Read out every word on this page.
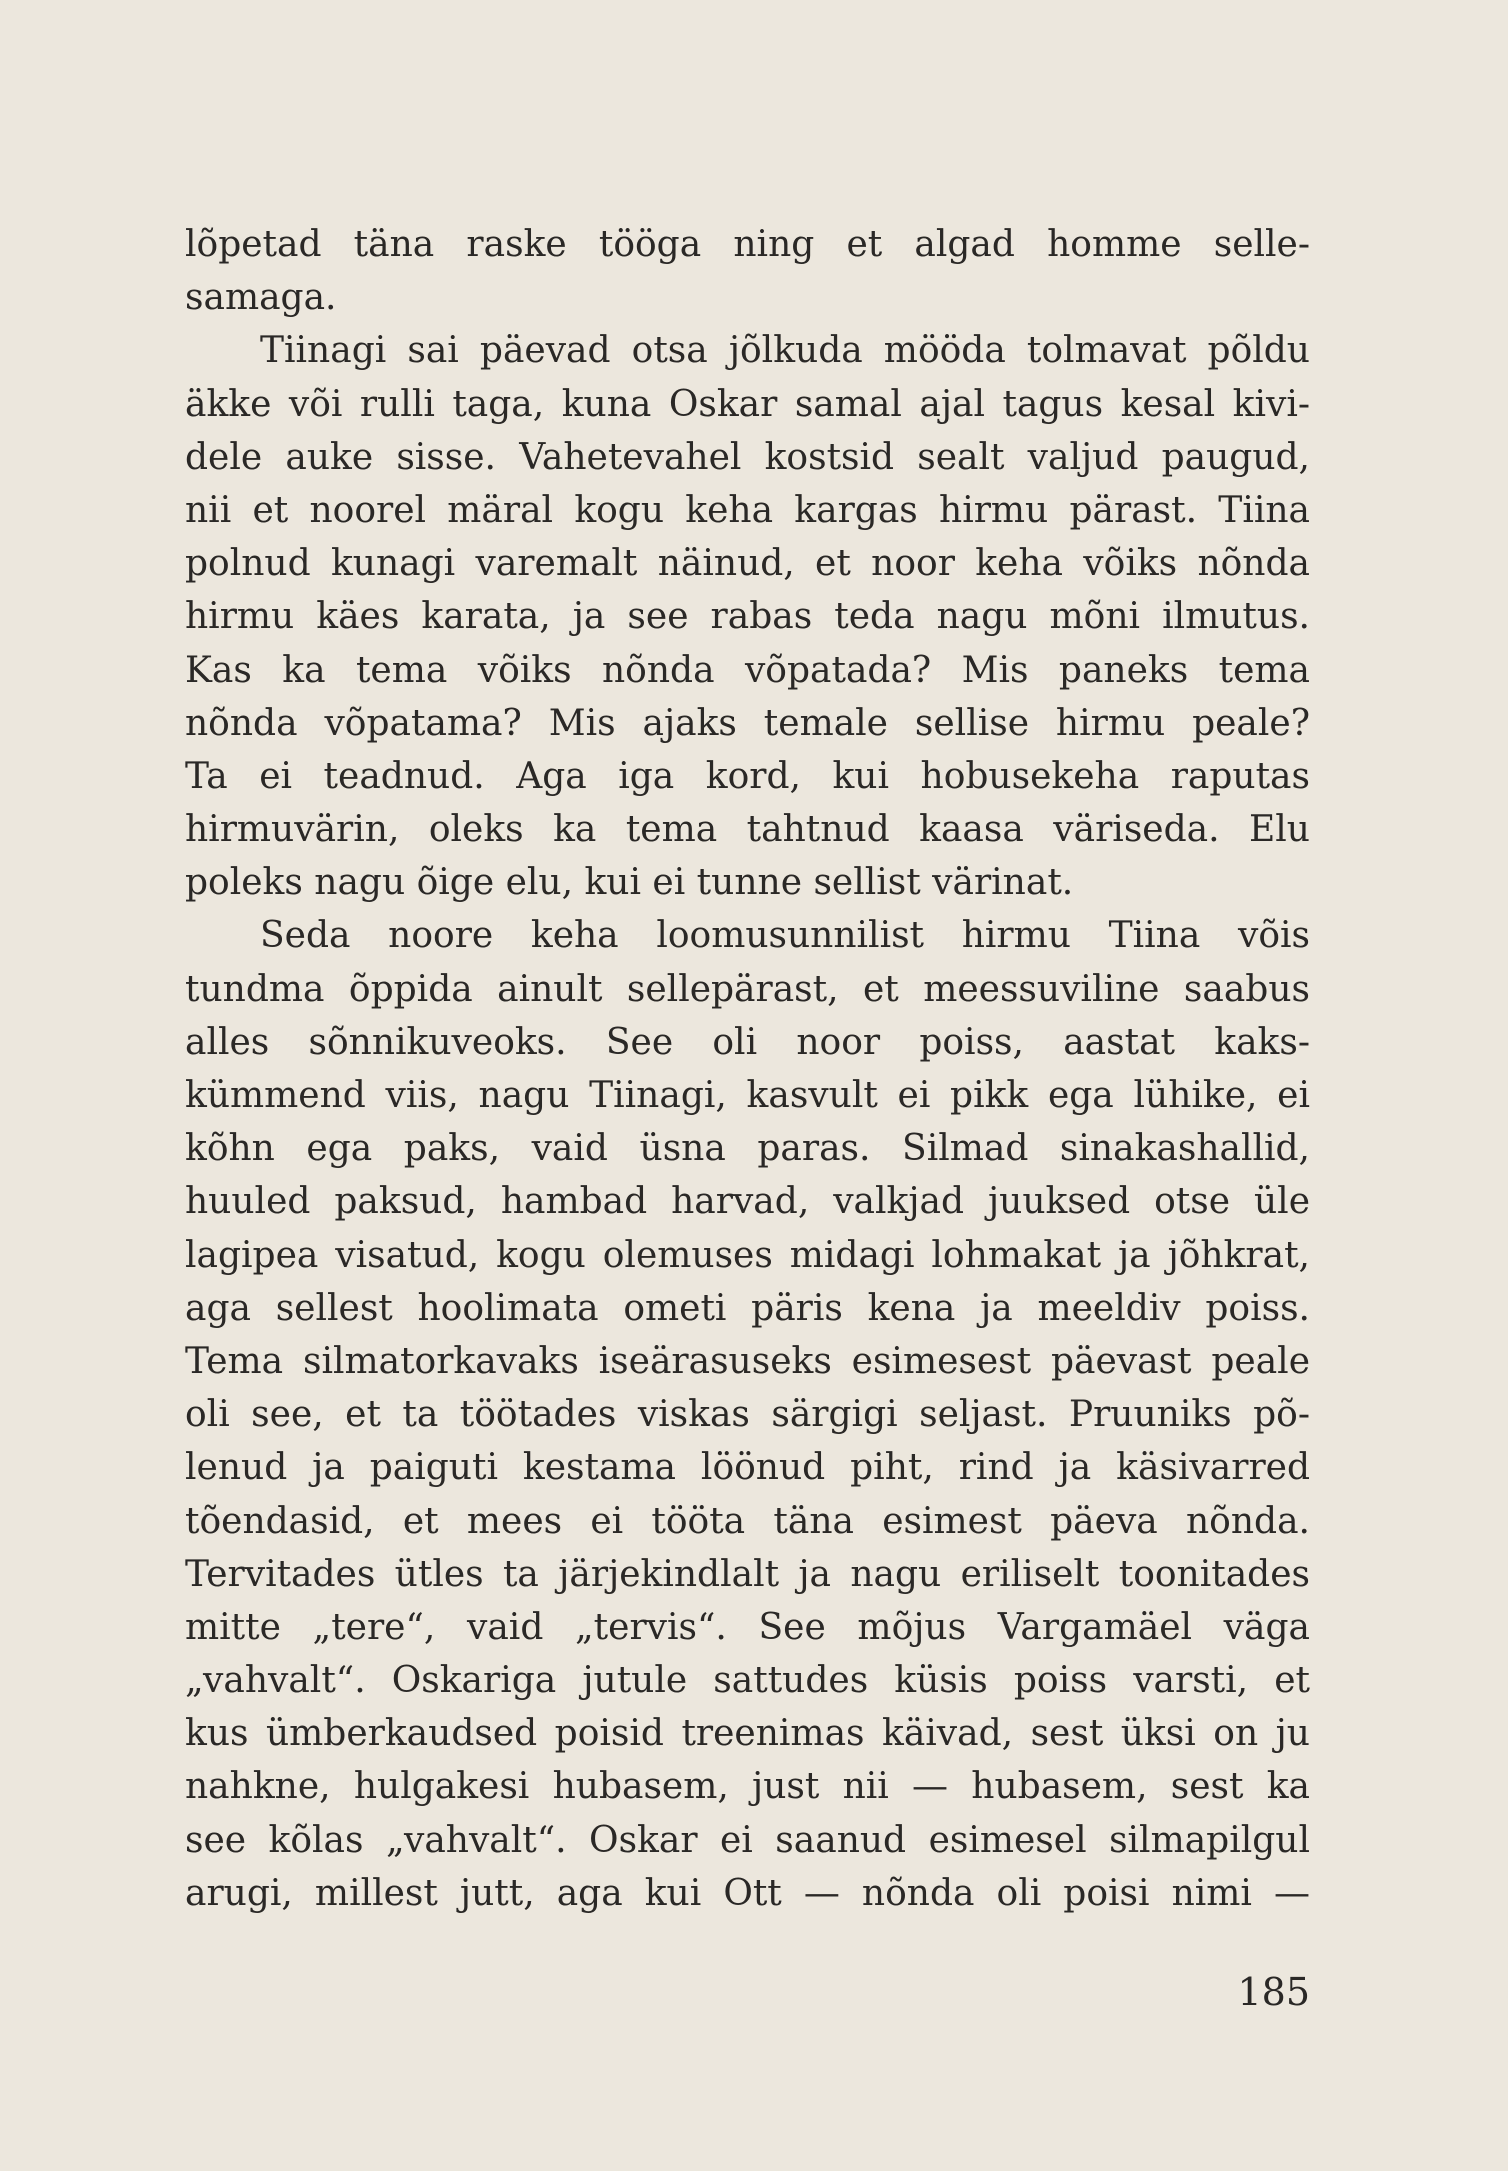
lõpetad täna raske tööga ning et algad homme selle-
samaga.
Tiinagi sai päevad otsa jõlkuda mööda tolmavat põldu
äkke või rulli taga, kuna Oskar samal ajal tagus kesal kivi-
dele auke sisse. Vahetevahel kostsid sealt valjud paugud,
nii et noorel märal kogu keha kargas hirmu pärast. Tiina
polnud kunagi varemalt näinud, et noor keha võiks nõnda
hirmu käes karata, ja see rabas teda nagu mõni ilmutus.
Kas ka tema võiks nõnda võpatada? Mis paneks tema
nõnda võpatama? Mis ajaks temale sellise hirmu peale?
Ta ei teadnud. Aga iga kord, kui hobusekeha raputas
hirmuvärin, oleks ka tema tahtnud kaasa väriseda. Elu
poleks nagu õige elu, kui ei tunne sellist värinat.
Seda noore keha loomusunnilist hirmu Tiina võis
tundma õppida ainult sellepärast, et meessuviline saabus
alles sõnnikuveoks. See oli noor poiss, aastat kaks-
kümmend viis, nagu Tiinagi, kasvult ei pikk ega lühike, ei
kõhn ega paks, vaid üsna paras. Silmad sinakashallid,
huuled paksud, hambad harvad, valkjad juuksed otse üle
lagipea visatud, kogu olemuses midagi lohmakat ja jõhkrat,
aga sellest hoolimata ometi päris kena ja meeldiv poiss.
Tema silmatorkavaks iseärasuseks esimesest päevast peale
oli see, et ta töötades viskas särgigi seljast. Pruuniks põ-
lenud ja paiguti kestama löönud piht, rind ja käsivarred
tõendasid, et mees ei tööta täna esimest päeva nõnda.
Tervitades ütles ta järjekindlalt ja nagu eriliselt toonitades
mitte „tere“, vaid „tervis“. See mõjus Vargamäel väga
„vahvalt“. Oskariga jutule sattudes küsis poiss varsti, et
kus ümberkaudsed poisid treenimas käivad, sest üksi on ju
nahkne, hulgakesi hubasem, just nii — hubasem, sest ka
see kõlas „vahvalt“. Oskar ei saanud esimesel silmapilgul
arugi, millest jutt, aga kui Ott — nõnda oli poisi nimi —
185
